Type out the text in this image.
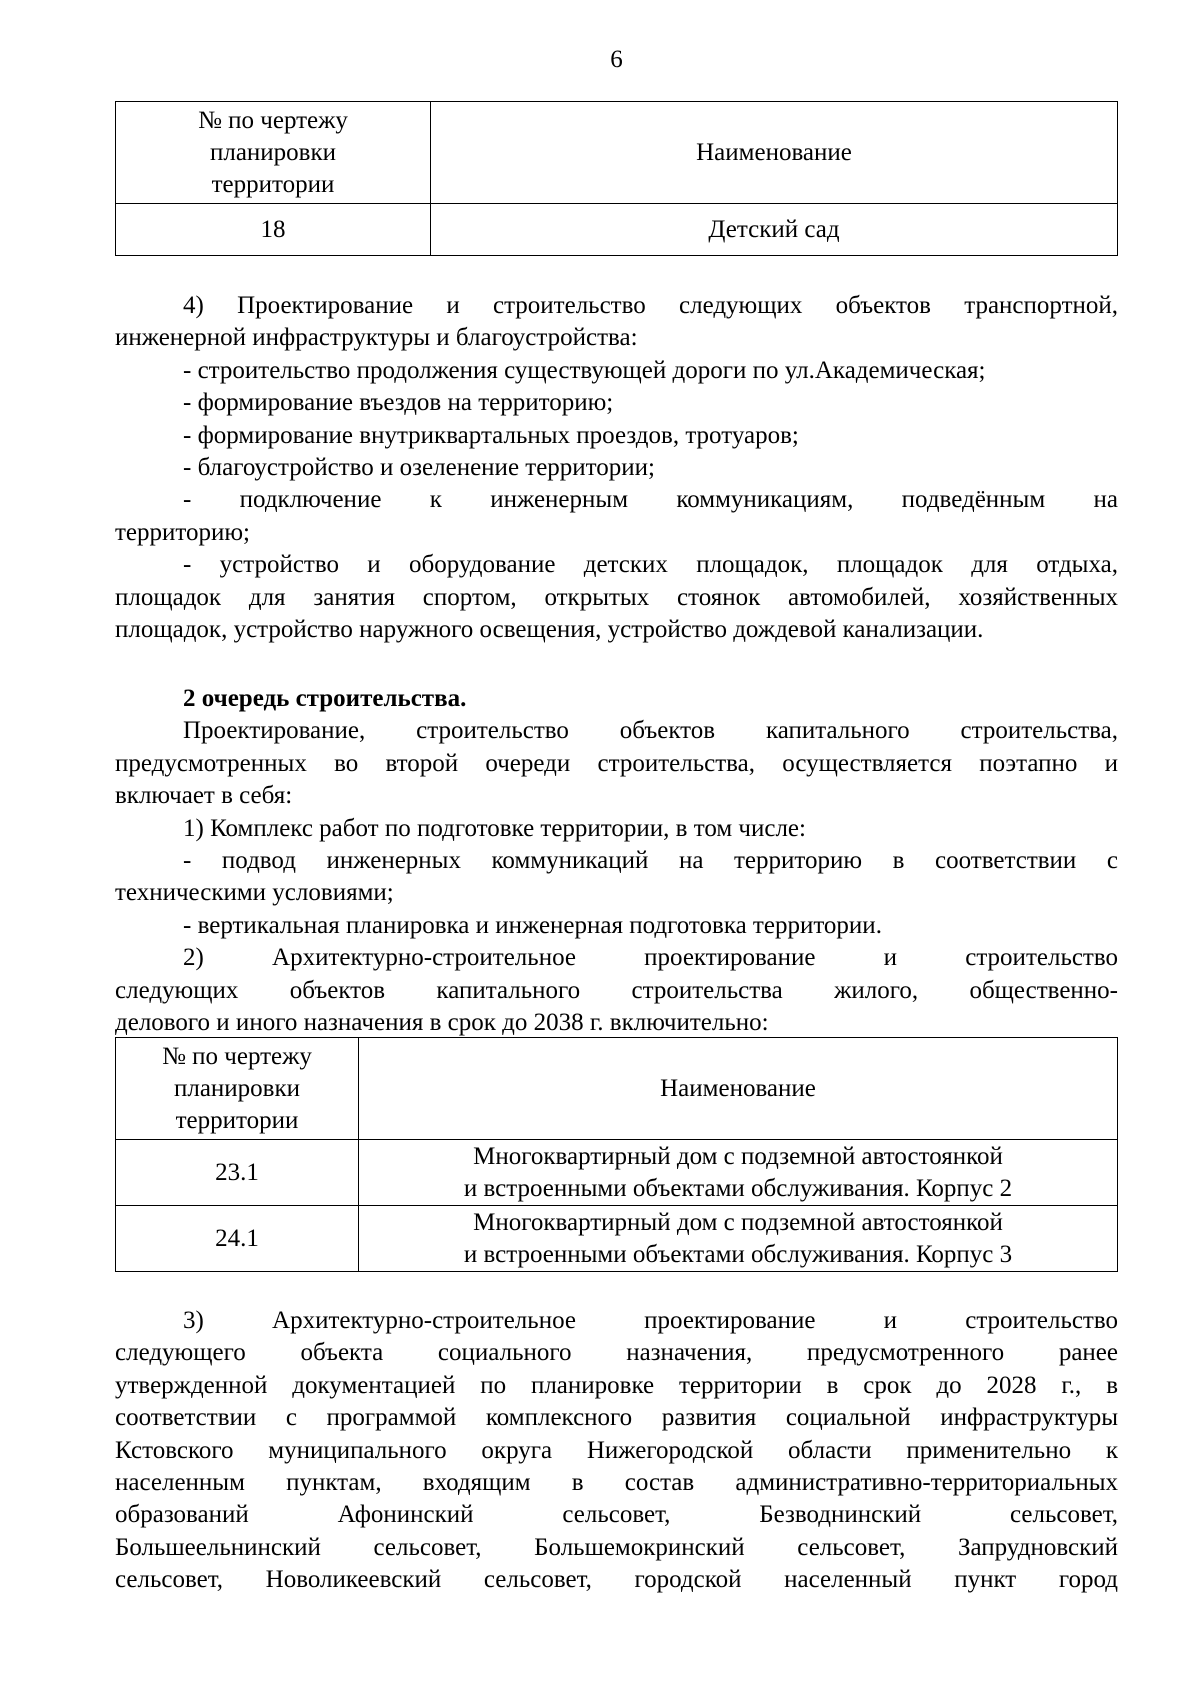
6
№ по чертежу
планировки
территории	Наименование
18	Детский сад
4) Проектирование и строительство следующих объектов транспортной,
инженерной инфраструктуры и благоустройства:
- строительство продолжения существующей дороги по ул.Академическая;
- формирование въездов на территорию;
- формирование внутриквартальных проездов, тротуаров;
- благоустройство и озеленение территории;
- подключение к инженерным коммуникациям, подведённым на
территорию;
- устройство и оборудование детских площадок, площадок для отдыха,
площадок для занятия спортом, открытых стоянок автомобилей, хозяйственных
площадок, устройство наружного освещения, устройство дождевой канализации.
2 очередь строительства.
Проектирование, строительство объектов капитального строительства,
предусмотренных во второй очереди строительства, осуществляется поэтапно и
включает в себя:
1) Комплекс работ по подготовке территории, в том числе:
- подвод инженерных коммуникаций на территорию в соответствии с
техническими условиями;
- вертикальная планировка и инженерная подготовка территории.
2) Архитектурно-строительное проектирование и строительство
следующих объектов капитального строительства жилого, общественно-
делового и иного назначения в срок до 2038 г. включительно:
№ по чертежу
планировки
территории	Наименование
23.1	Многоквартирный дом с подземной автостоянкой
и встроенными объектами обслуживания. Корпус 2

24.1	Многоквартирный дом с подземной автостоянкой
и встроенными объектами обслуживания. Корпус 3
3) Архитектурно-строительное проектирование и строительство
следующего объекта социального назначения, предусмотренного ранее
утвержденной документацией по планировке территории в срок до 2028 г., в
соответствии с программой комплексного развития социальной инфраструктуры
Кстовского муниципального округа Нижегородской области применительно к
населенным пунктам, входящим в состав административно-территориальных
образований Афонинский сельсовет, Безводнинский сельсовет,
Большеельнинский сельсовет, Большемокринский сельсовет, Запрудновский
сельсовет, Новоликеевский сельсовет, городской населенный пункт город
